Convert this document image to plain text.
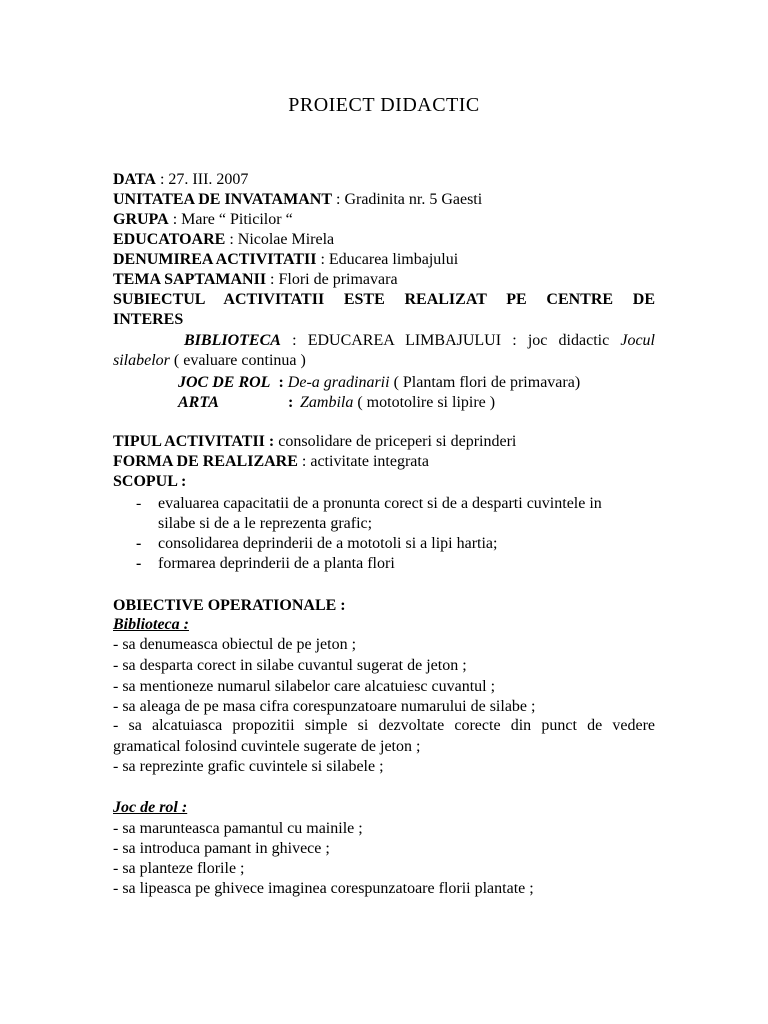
PROIECT DIDACTIC
DATA : 27. III. 2007
UNITATEA DE INVATAMANT : Gradinita nr. 5 Gaesti
GRUPA : Mare “ Piticilor “
EDUCATOARE : Nicolae Mirela
DENUMIREA ACTIVITATII : Educarea limbajului
TEMA SAPTAMANII : Flori de primavara
SUBIECTUL ACTIVITATII ESTE REALIZAT PE CENTRE DE
INTERES
BIBLIOTECA : EDUCAREA LIMBAJULUI : joc didactic Jocul
silabelor ( evaluare continua )
JOC DE ROL  : De-a gradinarii ( Plantam flori de primavara)
ARTA	: Zambila ( mototolire si lipire )
TIPUL ACTIVITATII : consolidare de priceperi si deprinderi
FORMA DE REALIZARE : activitate integrata
SCOPUL :
- evaluarea capacitatii de a pronunta corect si de a desparti cuvintele in
silabe si de a le reprezenta grafic;
- consolidarea deprinderii de a mototoli si a lipi hartia;
- formarea deprinderii de a planta flori
OBIECTIVE OPERATIONALE :
Biblioteca :
- sa denumeasca obiectul de pe jeton ;
- sa desparta corect in silabe cuvantul sugerat de jeton ;
- sa mentioneze numarul silabelor care alcatuiesc cuvantul ;
- sa aleaga de pe masa cifra corespunzatoare numarului de silabe ;
- sa alcatuiasca propozitii simple si dezvoltate corecte din punct de vedere
gramatical folosind cuvintele sugerate de jeton ;
- sa reprezinte grafic cuvintele si silabele ;
Joc de rol :
- sa marunteasca pamantul cu mainile ;
- sa introduca pamant in ghivece ;
- sa planteze florile ;
- sa lipeasca pe ghivece imaginea corespunzatoare florii plantate ;
